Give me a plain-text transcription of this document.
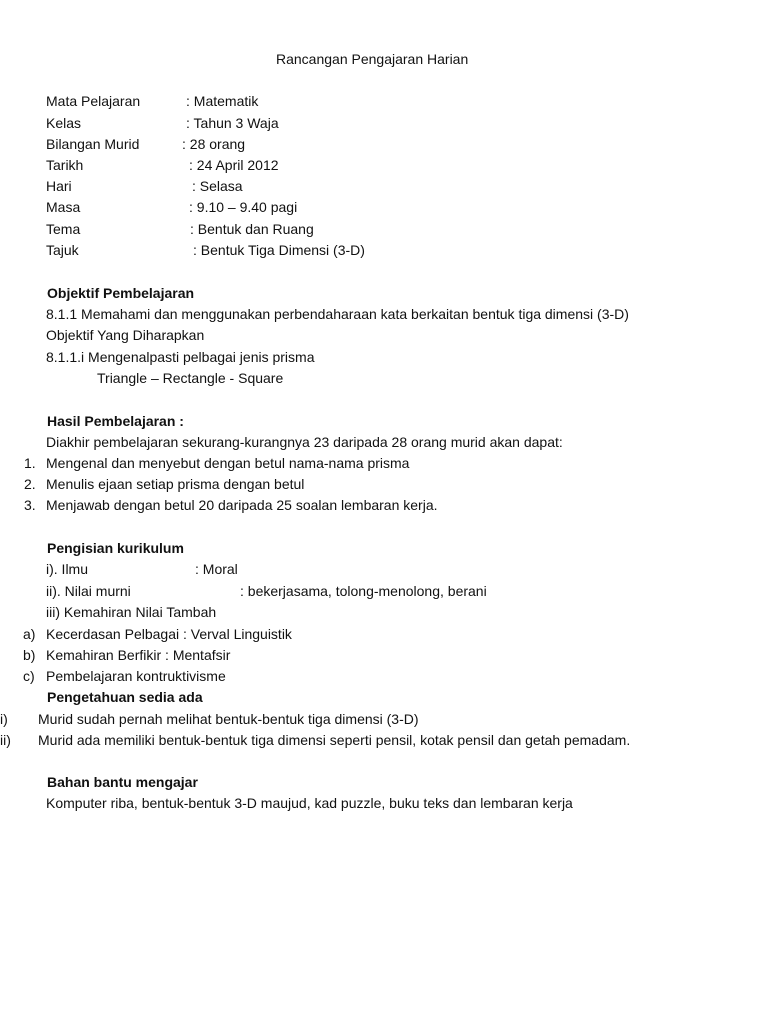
Rancangan Pengajaran Harian
Mata Pelajaran	: Matematik
Kelas	: Tahun 3 Waja
Bilangan Murid	: 28 orang
Tarikh	: 24 April 2012
Hari	: Selasa
Masa	: 9.10 – 9.40 pagi
Tema	: Bentuk dan Ruang
Tajuk	: Bentuk Tiga Dimensi (3-D)
Objektif Pembelajaran
8.1.1 Memahami dan menggunakan perbendaharaan kata berkaitan bentuk tiga dimensi (3-D)
Objektif Yang Diharapkan
8.1.1.i Mengenalpasti pelbagai jenis prisma
Triangle – Rectangle - Square
Hasil Pembelajaran :
Diakhir pembelajaran sekurang-kurangnya 23 daripada 28 orang murid akan dapat:
1. Mengenal dan menyebut dengan betul nama-nama prisma
2. Menulis ejaan setiap prisma dengan betul
3. Menjawab dengan betul 20 daripada 25 soalan lembaran kerja.
Pengisian kurikulum
i). Ilmu	: Moral
ii). Nilai murni	: bekerjasama, tolong-menolong, berani
iii) Kemahiran Nilai Tambah
a) Kecerdasan Pelbagai : Verval Linguistik
b) Kemahiran Berfikir : Mentafsir
c) Pembelajaran kontruktivisme
Pengetahuan sedia ada
i) Murid sudah pernah melihat bentuk-bentuk tiga dimensi (3-D)
ii) Murid ada memiliki bentuk-bentuk tiga dimensi seperti pensil, kotak pensil dan getah pemadam.
Bahan bantu mengajar
Komputer riba, bentuk-bentuk 3-D maujud, kad puzzle, buku teks dan lembaran kerja
